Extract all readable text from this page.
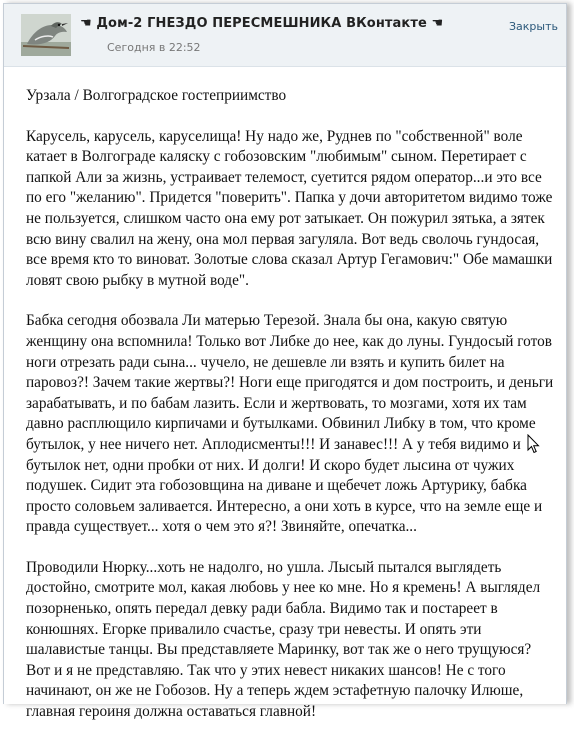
☚ Дом-2 ГНЕЗДО ПЕРЕСМЕШНИКА ВКонтакте ☚
Сегодня в 22:52
Закрыть

Урзала / Волгоградское гостеприимство

Карусель, карусель, каруселища! Ну надо же, Руднев по "собственной" воле катает в Волгограде каляску с гобозовским "любимым" сыном. Перетирает с папкой Али за жизнь, устраивает телемост, суетится рядом оператор...и это все по его "желанию". Придется "поверить". Папка у дочи авторитетом видимо тоже не пользуется, слишком часто она ему рот затыкает. Он пожурил зятька, а зятек всю вину свалил на жену, она мол первая загуляла. Вот ведь сволочь гундосая, все время кто то виноват. Золотые слова сказал Артур Гегамович:" Обе мамашки ловят свою рыбку в мутной воде".

Бабка сегодня обозвала Ли матерью Терезой. Знала бы она, какую святую женщину она вспомнила! Только вот Либке до нее, как до луны. Гундосый готов ноги отрезать ради сына... чучело, не дешевле ли взять и купить билет на паровоз?! Зачем такие жертвы?! Ноги еще пригодятся и дом построить, и деньги зарабатывать, и по бабам лазить. Если и жертвовать, то мозгами, хотя их там давно расплющило кирпичами и бутылками. Обвинил Либку в том, что кроме бутылок, у нее ничего нет. Аплодисменты!!! И занавес!!! А у тебя видимо и бутылок нет, одни пробки от них. И долги! И скоро будет лысина от чужих подушек. Сидит эта гобозовщина на диване и щебечет ложь Артурику, бабка просто соловьем заливается. Интересно, а они хоть в курсе, что на земле еще и правда существует... хотя о чем это я?! Звиняйте, опечатка...

Проводили Нюрку...хоть не надолго, но ушла. Лысый пытался выглядеть достойно, смотрите мол, какая любовь у нее ко мне. Но я кремень! А выглядел позорненько, опять передал девку ради бабла. Видимо так и постареет в конюшнях. Егорке привалило счастье, сразу три невесты. И опять эти шалавистые танцы. Вы представляете Маринку, вот так же о него трущуюся? Вот и я не представляю. Так что у этих невест никаких шансов! Не с того начинают, он же не Гобозов. Ну а теперь ждем эстафетную палочку Илюше, главная героиня должна оставаться главной!
